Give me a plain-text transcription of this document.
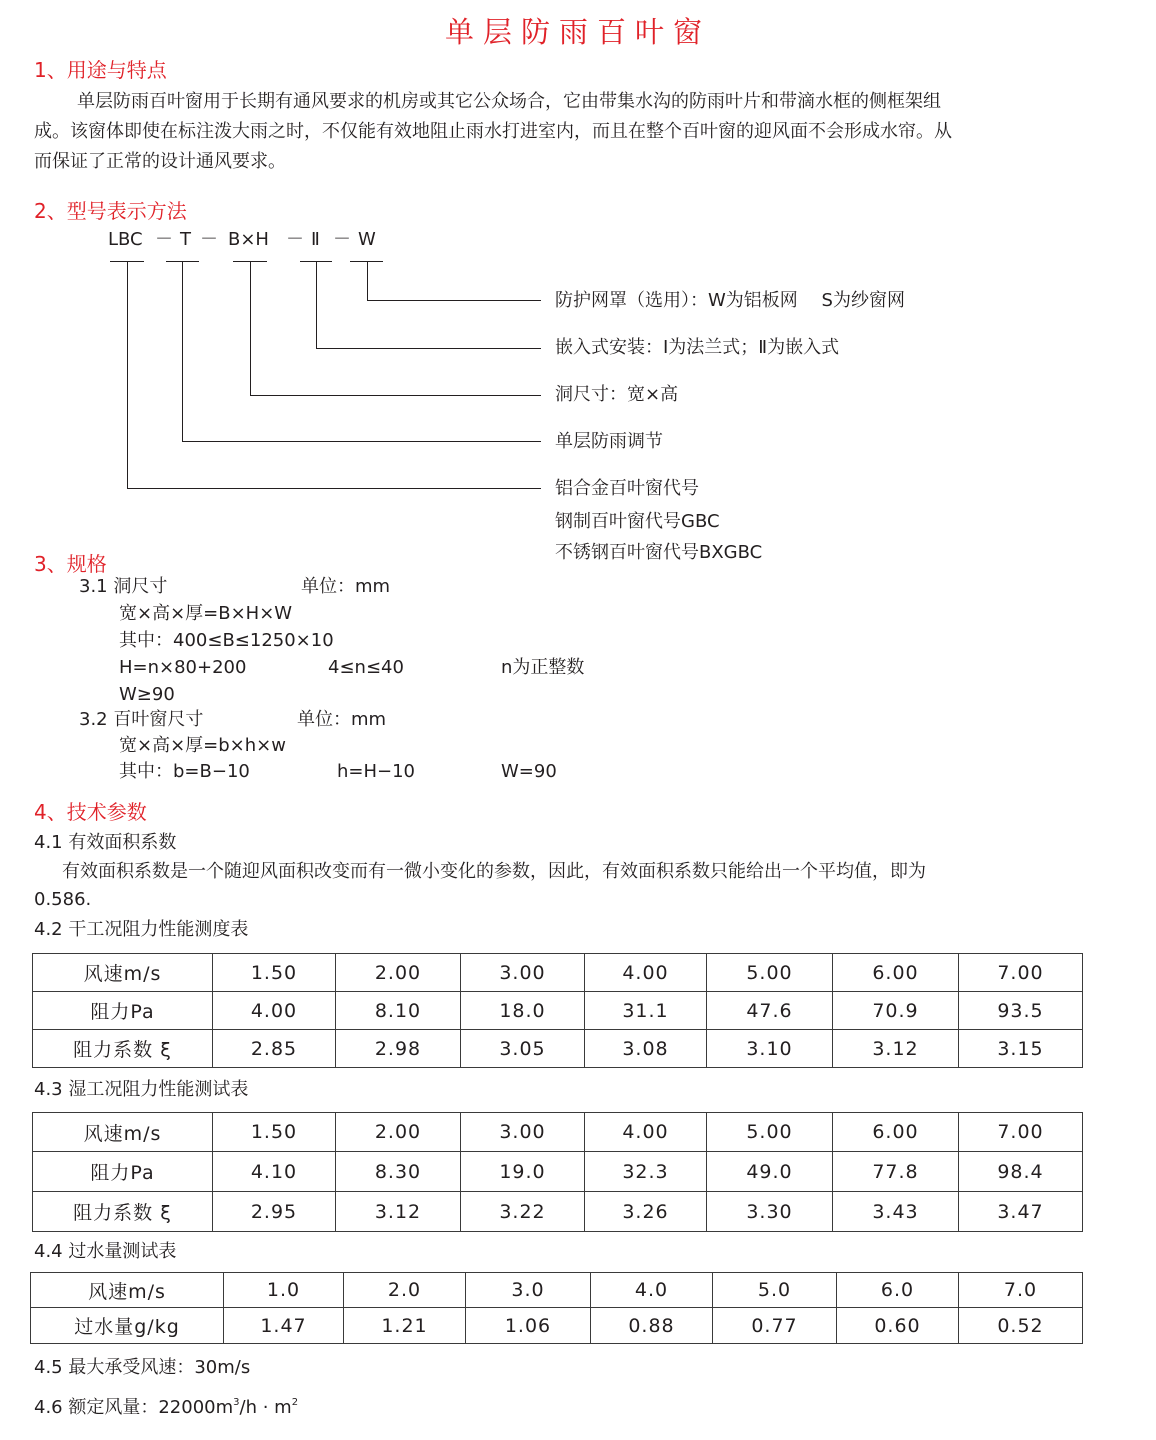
单层防雨百叶窗
1、用途与特点
单层防雨百叶窗用于长期有通风要求的机房或其它公众场合，它由带集水沟的防雨叶片和带滴水框的侧框架组
成。该窗体即使在标注泼大雨之时，不仅能有效地阻止雨水打进室内，而且在整个百叶窗的迎风面不会形成水帘。从
而保证了正常的设计通风要求。
2、型号表示方法
LBC － T － B×H － Ⅱ － W
防护网罩（选用）：W为铝板网　 S为纱窗网
嵌入式安装：Ⅰ为法兰式；Ⅱ为嵌入式
洞尺寸：宽×高
单层防雨调节
铝合金百叶窗代号
钢制百叶窗代号GBC
不锈钢百叶窗代号BXGBC
3、规格
3.1 洞尺寸	单位：mm
宽×高×厚=B×H×W
其中：400≤B≤1250×10
H=n×80+200	4≤n≤40	n为正整数
W≥90
3.2 百叶窗尺寸	单位：mm
宽×高×厚=b×h×w
其中：b=B−10	h=H−10	W=90
4、技术参数
4.1 有效面积系数
有效面积系数是一个随迎风面积改变而有一微小变化的参数，因此，有效面积系数只能给出一个平均值，即为
0.586.
4.2 干工况阻力性能测度表
风速m/s	1.50	2.00	3.00	4.00	5.00	6.00	7.00
阻力Pa	4.00	8.10	18.0	31.1	47.6	70.9	93.5
阻力系数 ξ	2.85	2.98	3.05	3.08	3.10	3.12	3.15
4.3 湿工况阻力性能测试表
风速m/s	1.50	2.00	3.00	4.00	5.00	6.00	7.00
阻力Pa	4.10	8.30	19.0	32.3	49.0	77.8	98.4
阻力系数 ξ	2.95	3.12	3.22	3.26	3.30	3.43	3.47
4.4 过水量测试表
风速m/s	1.0	2.0	3.0	4.0	5.0	6.0	7.0
过水量g/kg	1.47	1.21	1.06	0.88	0.77	0.60	0.52
4.5 最大承受风速：30m/s
4.6 额定风量：$22000m^3/h \cdot m^2$
